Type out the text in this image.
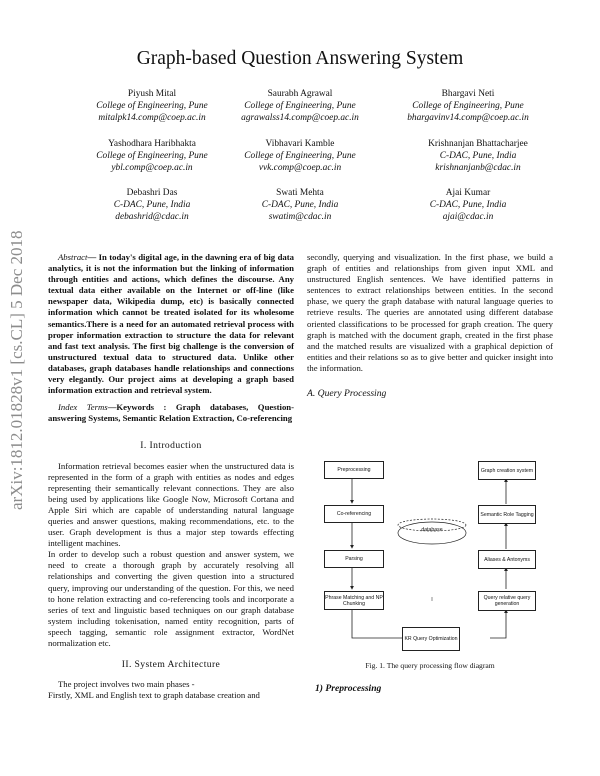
Graph-based Question Answering System
Piyush Mital
College of Engineering, Pune
mitalpk14.comp@coep.ac.in
Saurabh Agrawal
College of Engineering, Pune
agrawalss14.comp@coep.ac.in
Bhargavi Neti
College of Engineering, Pune
bhargavinv14.comp@coep.ac.in
Yashodhara Haribhakta
College of Engineering, Pune
ybl.comp@coep.ac.in
Vibhavari Kamble
College of Engineering, Pune
vvk.comp@coep.ac.in
Krishnanjan Bhattacharjee
C-DAC, Pune, India
krishnanjanb@cdac.in
Debashri Das
C-DAC, Pune, India
debashrid@cdac.in
Swati Mehta
C-DAC, Pune, India
swatim@cdac.in
Ajai Kumar
C-DAC, Pune, India
ajai@cdac.in
arXiv:1812.01828v1 [cs.CL] 5 Dec 2018	Abstract— In today's digital age, in the dawning era of big data analytics, it is not the information but the linking of information through entities and actions, which defines the discourse. Any textual data either available on the Internet or off-line (like newspaper data, Wikipedia dump, etc) is basically connected information which cannot be treated isolated for its wholesome semantics.There is a need for an automated retrieval process with proper information extraction to structure the data for relevant and fast text analysis. The first big challenge is the conversion of unstructured textual data to structured data. Unlike other databases, graph databases handle relationships and connections very elegantly. Our project aims at developing a graph based information extraction and retrieval system.

Index Terms—Keywords : Graph databases, Question-answering Systems, Semantic Relation Extraction, Co-referencing

I. Introduction

Information retrieval becomes easier when the unstructured data is represented in the form of a graph with entities as nodes and edges representing their semantically relevant connections. They are also being used by applications like Google Now, Microsoft Cortana and Apple Siri which are capable of understanding natural language queries and answer questions, making recommendations, etc. to the user. Graph development is thus a major step towards effecting intelligent machines.

In order to develop such a robust question and answer system, we need to create a thorough graph by accurately resolving all relationships and converting the given question into a structured query, improving our understanding of the question. For this, we need to hone relation extracting and co-referencing tools and incorporate a series of text and linguistic based techniques on our graph database system including tokenisation, named entity recognition, parts of speech tagging, semantic role assignment extractor, WordNet normalization etc.

II. System Architecture

The project involves two main phases -

Firstly, XML and English text to graph database creation and

secondly, querying and visualization. In the first phase, we build a graph of entities and relationships from given input XML and unstructured English sentences. We have identified patterns in sentences to extract relationships between entities. In the second phase, we query the graph database with natural language queries to retrieve results. The queries are annotated using different database oriented classifications to be processed for graph creation. The query graph is matched with the document graph, created in the first phase and the matched results are visualized with a graphical depiction of entities and their relations so as to give better and quicker insight into the information.

A. Query Processing
Preprocessing	Graph creation system
Co-referencing	Semantic Role Tagging
database
Parsing	Aliases & Antonyms
Phrase Matching and NP Chunking
Query relative query generation
KR Query Optimization
Fig. 1. The query processing flow diagram
1) Preprocessing
